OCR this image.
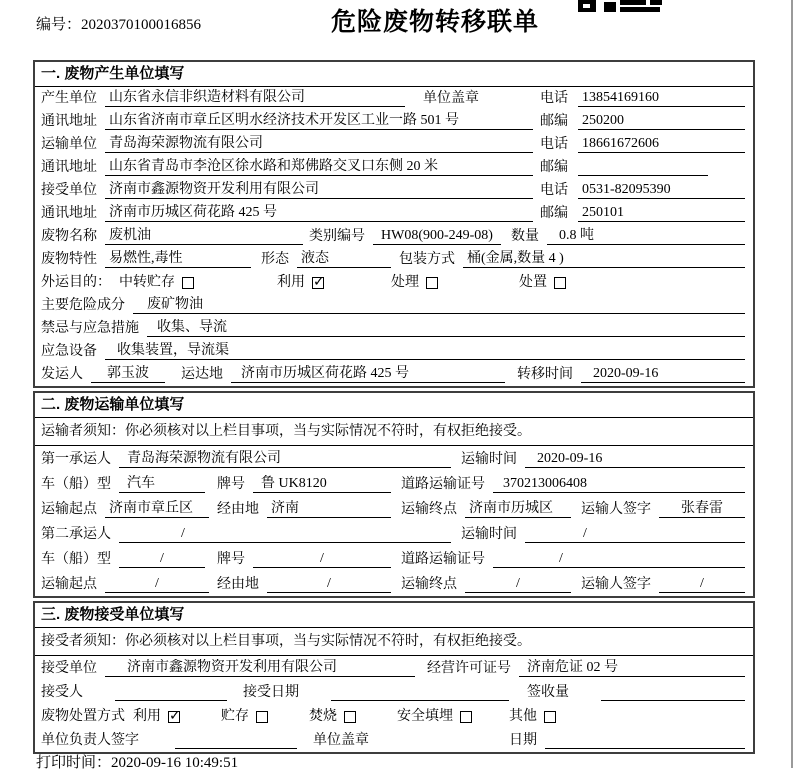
编号：2020370100016856	危险废物转移联单
一. 废物产生单位填写
产生单位 山东省永信非织造材料有限公司	单位盖章	电话 13854169160
通讯地址 山东省济南市章丘区明水经济技术开发区工业一路 501 号	邮编 250200
运输单位 青岛海荣源物流有限公司	电话 18661672606
通讯地址 山东省青岛市李沧区徐水路和郑佛路交叉口东侧 20 米	邮编
接受单位 济南市鑫源物资开发利用有限公司	电话 0531-82095390
通讯地址 济南市历城区荷花路 425 号	邮编 250101
废物名称 废机油	类别编号	HW08(900-249-08)	数量	0.8 吨
废物特性 易燃性,毒性	形态 液态	包装方式 桶(金属,数量 4 )
外运目的： 中转贮存	利用 ✓	处理	处置
主要危险成分	废矿物油
禁忌与应急措施	收集、导流
应急设备	收集装置，导流渠
发运人	郭玉波	运达地	济南市历城区荷花路 425 号	转移时间	2020-09-16
二. 废物运输单位填写
运输者须知：你必须核对以上栏目事项，当与实际情况不符时，有权拒绝接受。
第一承运人	青岛海荣源物流有限公司	运输时间	2020-09-16
车（船）型	汽车	牌号	鲁 UK8120	道路运输证号	370213006408
运输起点 济南市章丘区	经由地 济南	运输终点 济南市历城区	运输人签字	张春雷
第二承运人	/	运输时间	/
车（船）型	/	牌号	/	道路运输证号	/
运输起点	/	经由地	/	运输终点	/	运输人签字	/
三. 废物接受单位填写
接受者须知：你必须核对以上栏目事项，当与实际情况不符时，有权拒绝接受。
接受单位	济南市鑫源物资开发利用有限公司	经营许可证号	济南危证 02 号
接受人	接受日期	签收量
废物处置方式 利用 ✓	贮存	焚烧	安全填埋	其他
单位负责人签字	单位盖章	日期
打印时间：2020-09-16 10:49:51
